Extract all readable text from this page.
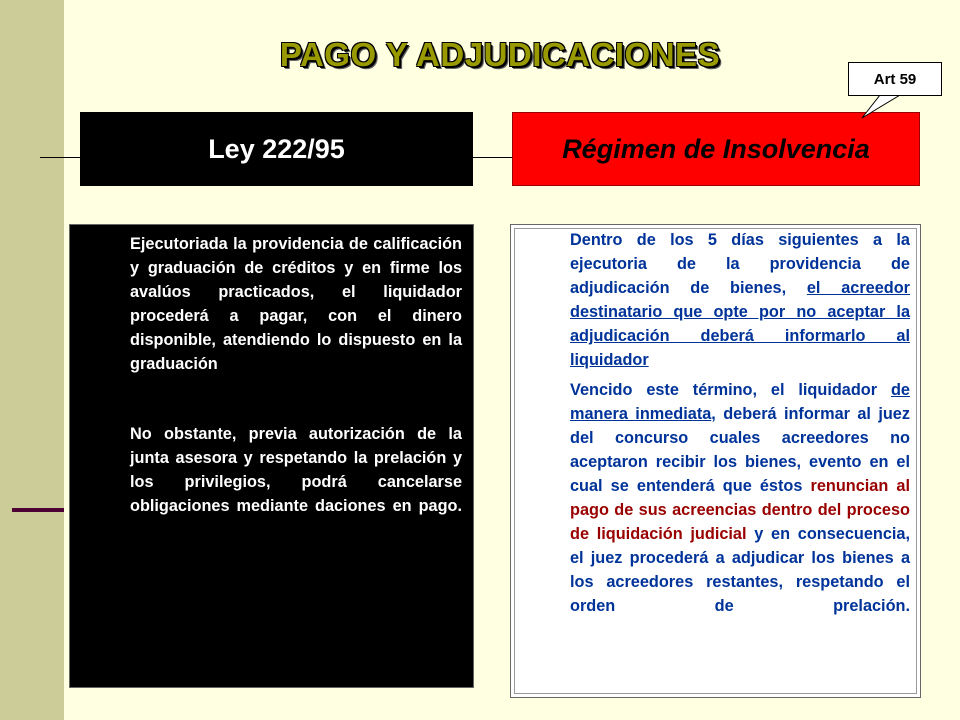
PAGO Y ADJUDICACIONES
Ley 222/95	Régimen de Insolvencia
Art 59
Ejecutoriada la providencia de calificación y graduación de créditos y en firme los avalúos practicados, el liquidador procederá a pagar, con el dinero disponible, atendiendo lo dispuesto en la graduación
No obstante, previa autorización de la junta asesora y respetando la prelación y los privilegios, podrá cancelarse obligaciones mediante daciones en pago.
Dentro de los 5 días siguientes a la ejecutoria de la providencia de adjudicación de bienes, el acreedor destinatario que opte por no aceptar la adjudicación deberá informarlo al liquidador
Vencido este término, el liquidador de manera inmediata, deberá informar al juez del concurso cuales acreedores no aceptaron recibir los bienes, evento en el cual se entenderá que éstos renuncian al pago de sus acreencias dentro del proceso de liquidación judicial y en consecuencia, el juez procederá a adjudicar los bienes a los acreedores restantes, respetando el orden de prelación.
